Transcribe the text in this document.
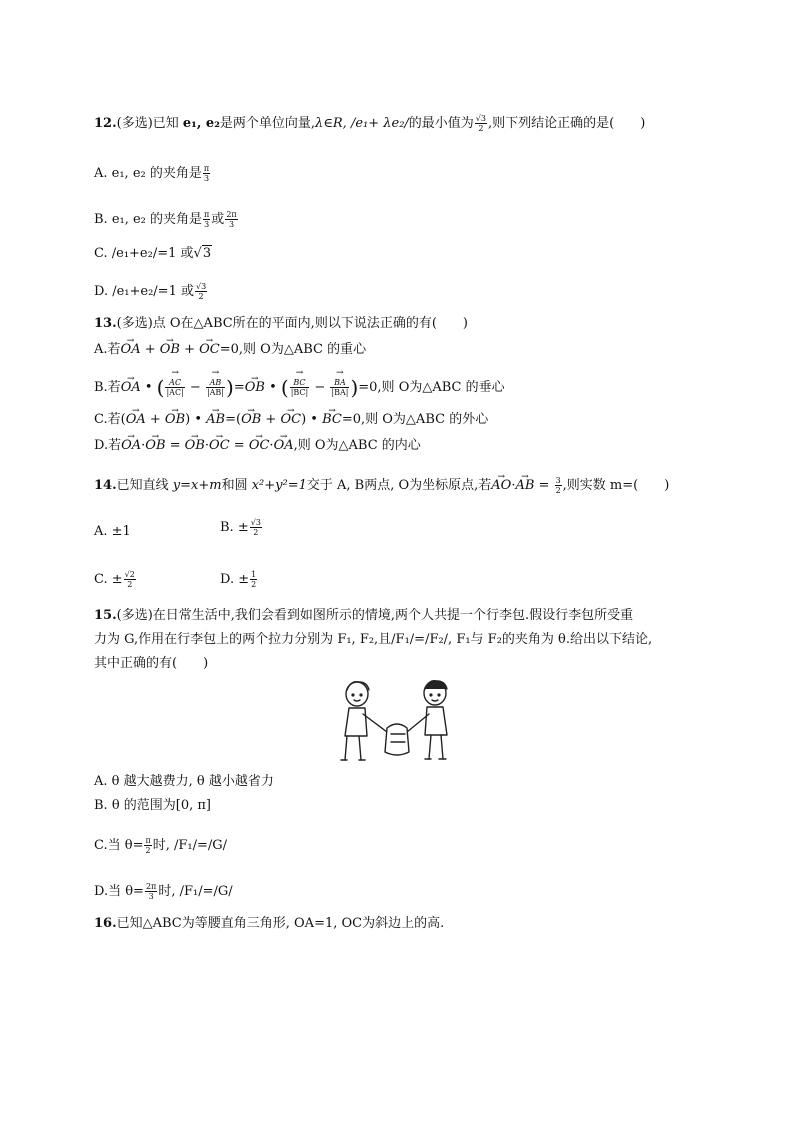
12.(多选)已知 e₁, e₂是两个单位向量,λ∈R, /e₁+ λe₂/的最小值为 $\frac{√3}{2}$ ,则下列结论正确的是(　　)
A. e₁, e₂ 的夹角是 $\frac{\pi}{3}$
B. e₁, e₂ 的夹角是 $\frac{\pi}{3}$ 或 $\frac{2\pi}{3}$
C. /e₁+e₂/=1 或√3
D. /e₁+e₂/=1 或 $\frac{√3}{2}$
13.(多选)点 O在△ABC所在的平面内,则以下说法正确的有(　　)
A.若→ OA + → OB + → OC=0,则 O为△ABC 的重心
B.若→ OA • ( → $\frac{AC}{|AC|}$ − → $\frac{AB}{|AB|}$ )=→ OB • ( → $\frac{BC}{|BC|}$ − → $\frac{BA}{|BA|} )=0$,则 O为△ABC 的垂心
C.若(→ OA + → OB) • → AB=(→ OB + → OC) • → BC=0,则 O为△ABC 的外心
D.若→ OA·→ OB = → OB·→ OC = → OC·→ OA,则 O为△ABC 的内心
14.已知直线 y=x+m和圆 x²+y²=1交于 A, B两点, O为坐标原点,若→ AO·→ AB = $\frac{3}{2}$ ,则实数 m=(　　)
A. ±1	B. ± $\frac{√3}{2}$
C. ± $\frac{√2}{2}$	D. ± $\frac{1}{2}$
15.(多选)在日常生活中,我们会看到如图所示的情境,两个人共提一个行李包.假设行李包所受重
力为 G,作用在行李包上的两个拉力分别为 F₁, F₂,且/F₁/=/F₂/, F₁与 F₂的夹角为 θ.给出以下结论,
其中正确的有(　　)
A. θ 越大越费力, θ 越小越省力
B. θ 的范围为[0, π]
C.当 $\theta= \frac{\pi}{2}$ 时, /F₁/=/G/
D.当 $\theta= \frac{2\pi}{3}$ 时, /F₁/=/G/
16.已知△ABC为等腰直角三角形, OA=1, OC为斜边上的高.
